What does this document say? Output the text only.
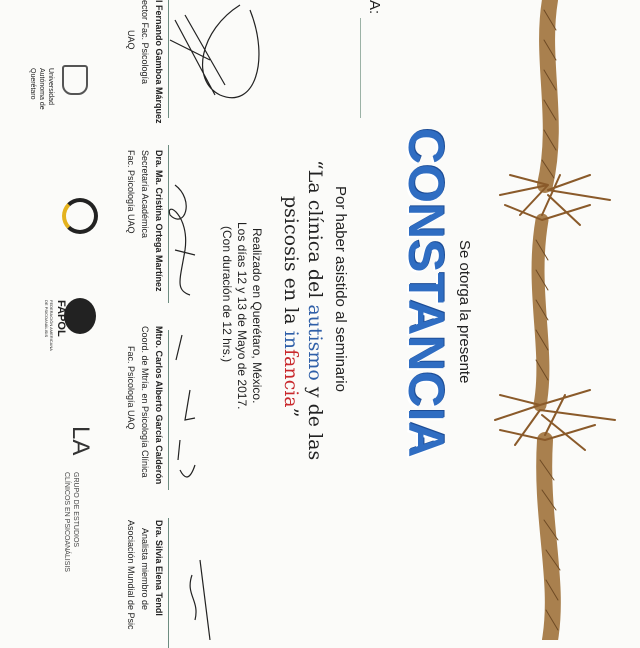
A:
Se otorga la presente
CONSTANCIA
Por haber asistido al seminario
“La clínica del autismo y de las
psicosis en la infancia”
Realizado en Querétaro, México.
Los días 12 y 13 de Mayo de 2017.
(Con duración de 12 hrs.)
l Fernando Gamboa Márquez
ector Fac. Psicología
UAQ
Dra. Ma. Cristina Ortega Martínez
Secretaría Académica
Fac. Psicología UAQ
Mtro. Carlos Alberto García Calderón
Coord. de Mtría. en Psicología Clínica
Fac. Psicología UAQ
Dra. Silvia Elena Tendl
Analista miembro de
Asociación Mundial de Psic
Universidad
Autónoma de
Querétaro
FAPOL
FEDERACIÓN AMERICANA
DE PSICOANÁLISIS
LA
GRUPO DE ESTUDIOS
CLÍNICOS EN PSICOANÁLISIS
